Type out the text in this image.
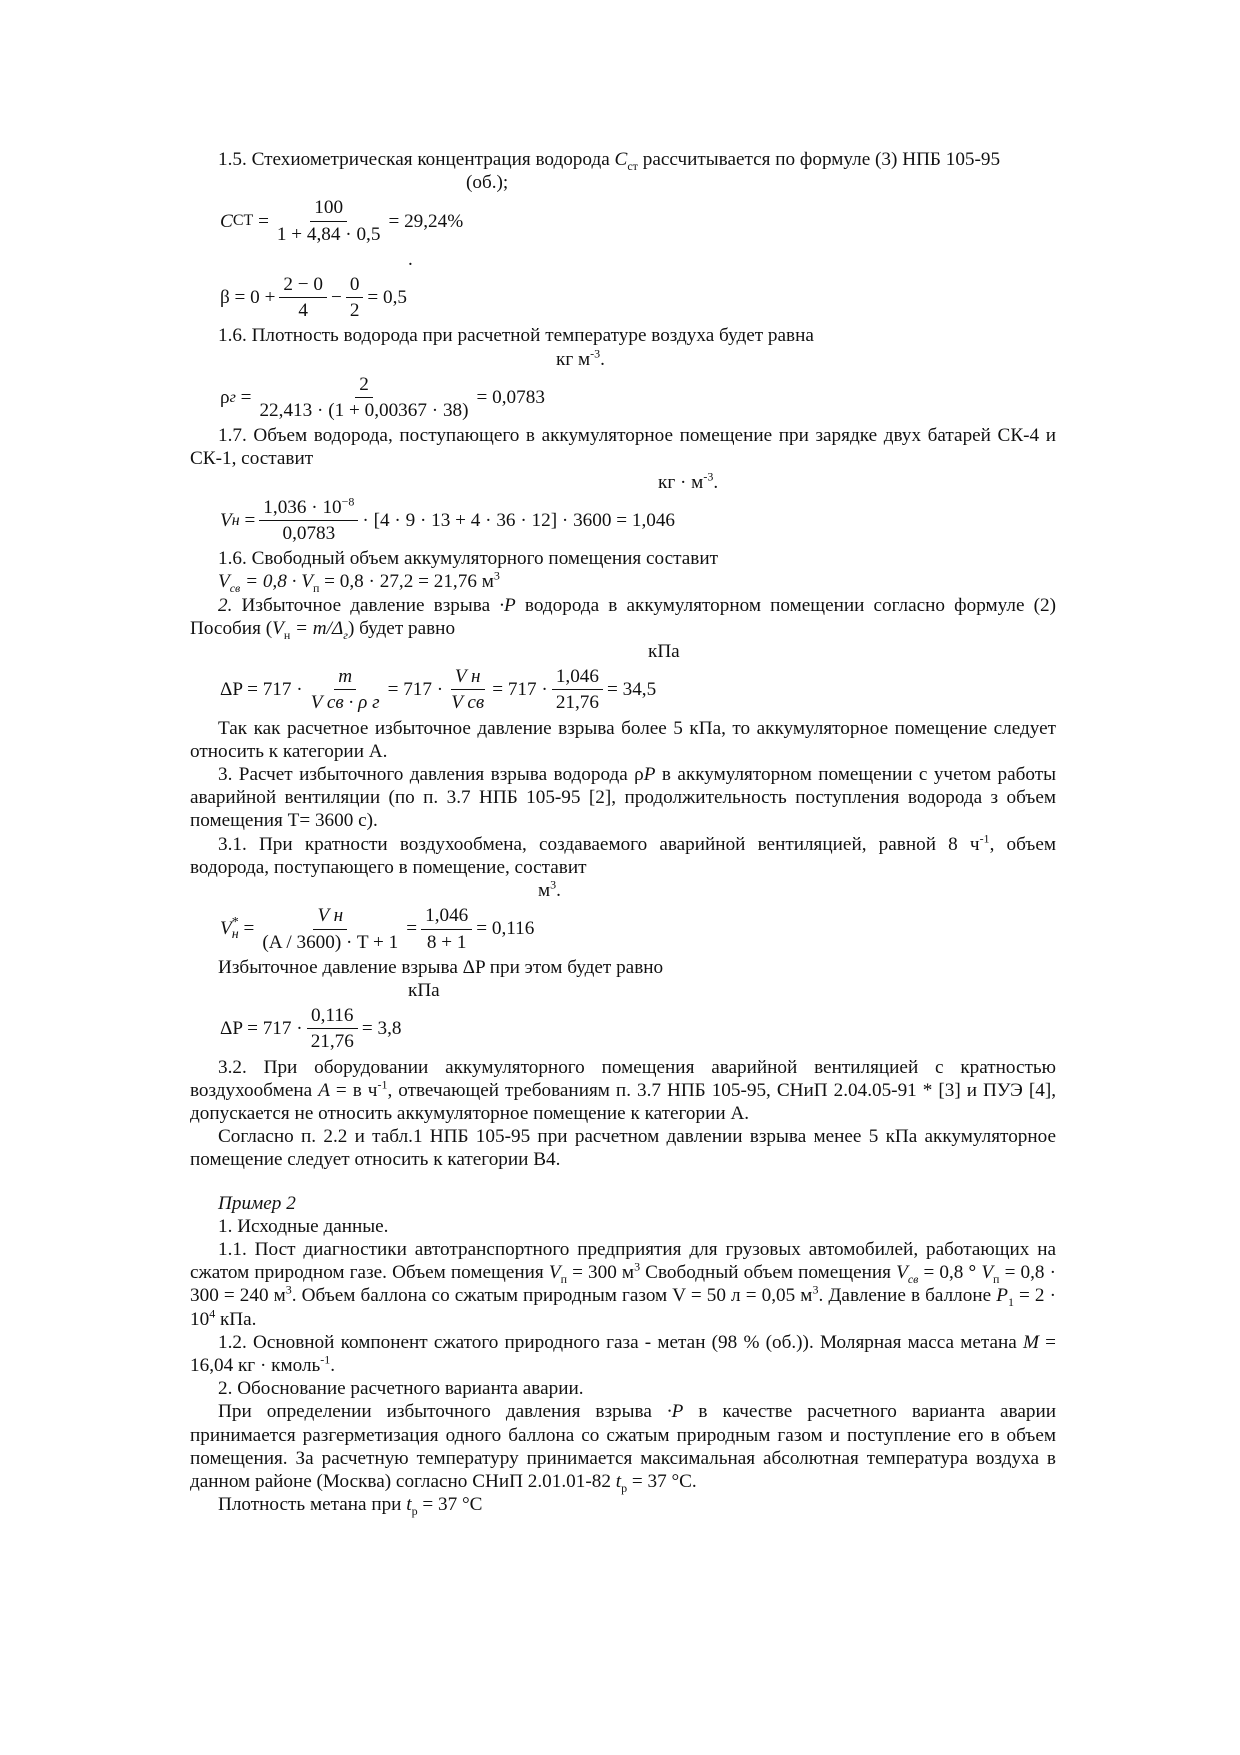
1.5. Стехиометрическая концентрация водорода $С_{ст}$ рассчитывается по формуле (3) НПБ 105-95

(об.);

С СТ
= $\frac{100}{1 + 4,84 \cdot 0,5} = 29,24\%$

.

$\beta = 0 + \frac{2 - 0}{4} - \frac{0}{2} = 0,5$

1.6. Плотность водорода при расчетной температуре воздуха будет равна

кг $м^{-3}$.

ρ г
= $\frac{2}{22,413 \cdot (1 + 0,00367 \cdot 38)} = 0,0783$

1.7. Объем водорода, поступающего в аккумуляторное помещение при зарядке двух батарей СК-4 и СК-1, составит

кг · $м^{-3}$.

V н
= $\frac{1,036 \cdot 10^{-8}}{0,0783} \cdot [4 \cdot 9 \cdot 13 + 4 \cdot 36 \cdot 12] \cdot 3600 = 1,046$

1.6. Свободный объем аккумуляторного помещения составит

$V_{св} = 0,8 \cdot V_п = 0,8 \cdot 27,2 = 21,76$ $м^3$

2. Избыточное давление взрыва ∙P водорода в аккумуляторном помещении согласно формуле (2) Пособия $(V_н = m/\Delta_г)$ будет равно

кПа

$\Delta P = 717 \cdot \frac{m}{\text{V св · ρ г}} = 717 \cdot \frac{\text{V н}}{\text{V св}} = 717 \cdot \frac{1,046}{21,76} = 34,5$

Так как расчетное избыточное давление взрыва более 5 кПа, то аккумуляторное помещение следует относить к категории А.

3. Расчет избыточного давления взрыва водорода ρP в аккумуляторном помещении с учетом работы аварийной вентиляции (по п. 3.7 НПБ 105-95 [2], продолжительность поступления водорода з объем помещения Т= 3600 с).

3.1. При кратности воздухообмена, создаваемого аварийной вентиляцией, равной 8 $ч^{-1}$, объем водорода, поступающего в помещение, составит

$м^3$.

V *
н
= $\frac{\text{V н}}{(A / 3600) \cdot T + 1} = \frac{1,046}{8 + 1} = 0,116$

Избыточное давление взрыва ΔP при этом будет равно

кПа

$\Delta P = 717 \cdot \frac{0,116}{21,76} = 3,8$

3.2. При оборудовании аккумуляторного помещения аварийной вентиляцией с кратностью воздухообмена A = в $ч^{-1}$, отвечающей требованиям п. 3.7 НПБ 105-95, СНиП 2.04.05-91 * [3] и ПУЭ [4], допускается не относить аккумуляторное помещение к категории А.

Согласно п. 2.2 и табл.1 НПБ 105-95 при расчетном давлении взрыва менее 5 кПа аккумуляторное помещение следует относить к категории В4.

Пример 2

1. Исходные данные.

1.1. Пост диагностики автотранспортного предприятия для грузовых автомобилей, работающих на сжатом природном газе. Объем помещения $V_п = 300$ $м^3$ Свободный объем помещения $V_{св} = 0,8$ ° $V_п = 0,8 \cdot 300 = 240$ $м^3$. Объем баллона со сжатым природным газом V = 50 л = 0,05 $м^3$. Давление в баллоне $P_1 = 2 \cdot 10^4$ кПа.

1.2. Основной компонент сжатого природного газа - метан (98 % (об.)). Молярная масса метана M = 16,04 кг · кмоль$^{-1}$.

2. Обоснование расчетного варианта аварии.

При определении избыточного давления взрыва ∙P в качестве расчетного варианта аварии принимается разгерметизация одного баллона со сжатым природным газом и поступление его в объем помещения. За расчетную температуру принимается максимальная абсолютная температура воздуха в данном районе (Москва) согласно СНиП 2.01.01-82 $t_р = 37$ °С.

Плотность метана при $t_р = 37$ °С
